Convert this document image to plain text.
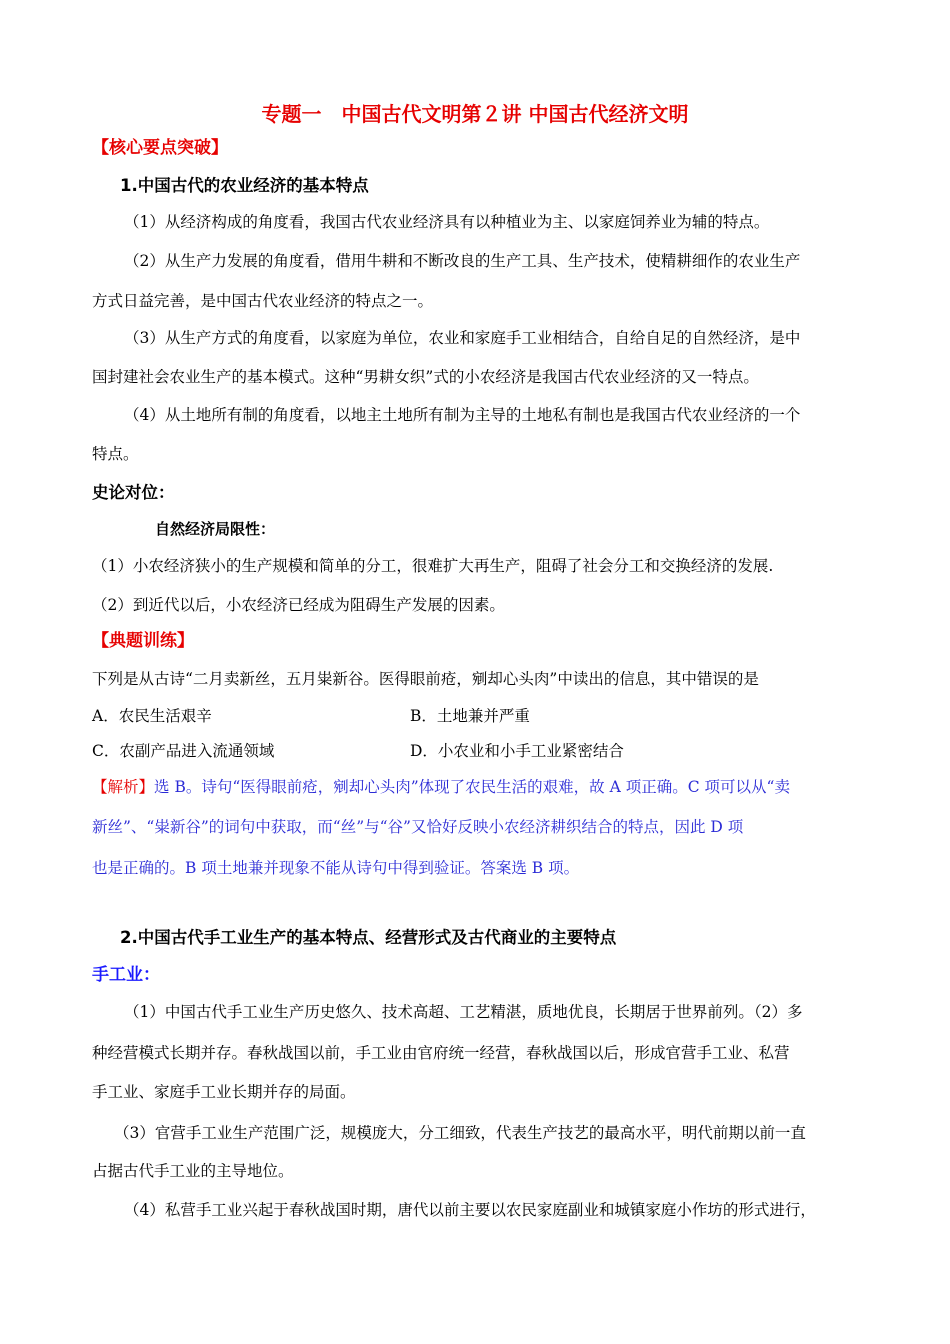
专题一　中国古代文明第２讲 中国古代经济文明
【核心要点突破】
1.中国古代的农业经济的基本特点
（1）从经济构成的角度看，我国古代农业经济具有以种植业为主、以家庭饲养业为辅的特点。
（2）从生产力发展的角度看，借用牛耕和不断改良的生产工具、生产技术，使精耕细作的农业生产
方式日益完善，是中国古代农业经济的特点之一。
（3）从生产方式的角度看，以家庭为单位，农业和家庭手工业相结合，自给自足的自然经济，是中
国封建社会农业生产的基本模式。这种“男耕女织”式的小农经济是我国古代农业经济的又一特点。
（4）从土地所有制的角度看，以地主土地所有制为主导的土地私有制也是我国古代农业经济的一个
特点。
史论对位：
自然经济局限性：
（1）小农经济狭小的生产规模和简单的分工，很难扩大再生产，阻碍了社会分工和交换经济的发展.
（2）到近代以后，小农经济已经成为阻碍生产发展的因素。
【典题训练】
下列是从古诗“二月卖新丝，五月粜新谷。医得眼前疮，剜却心头肉”中读出的信息，其中错误的是
A．农民生活艰辛	B．土地兼并严重
C．农副产品进入流通领域	D．小农业和小手工业紧密结合
【解析】选 B。诗句“医得眼前疮，剜却心头肉”体现了农民生活的艰难，故 A 项正确。C 项可以从“卖
新丝”、“粜新谷”的词句中获取，而“丝”与“谷”又恰好反映小农经济耕织结合的特点，因此 D 项
也是正确的。B 项土地兼并现象不能从诗句中得到验证。答案选 B 项。
2.中国古代手工业生产的基本特点、经营形式及古代商业的主要特点
手工业：
（1）中国古代手工业生产历史悠久、技术高超、工艺精湛，质地优良，长期居于世界前列。（2）多
种经营模式长期并存。春秋战国以前，手工业由官府统一经营，春秋战国以后，形成官营手工业、私营
手工业、家庭手工业长期并存的局面。
（3）官营手工业生产范围广泛，规模庞大，分工细致，代表生产技艺的最高水平，明代前期以前一直
占据古代手工业的主导地位。
（4）私营手工业兴起于春秋战国时期，唐代以前主要以农民家庭副业和城镇家庭小作坊的形式进行，
